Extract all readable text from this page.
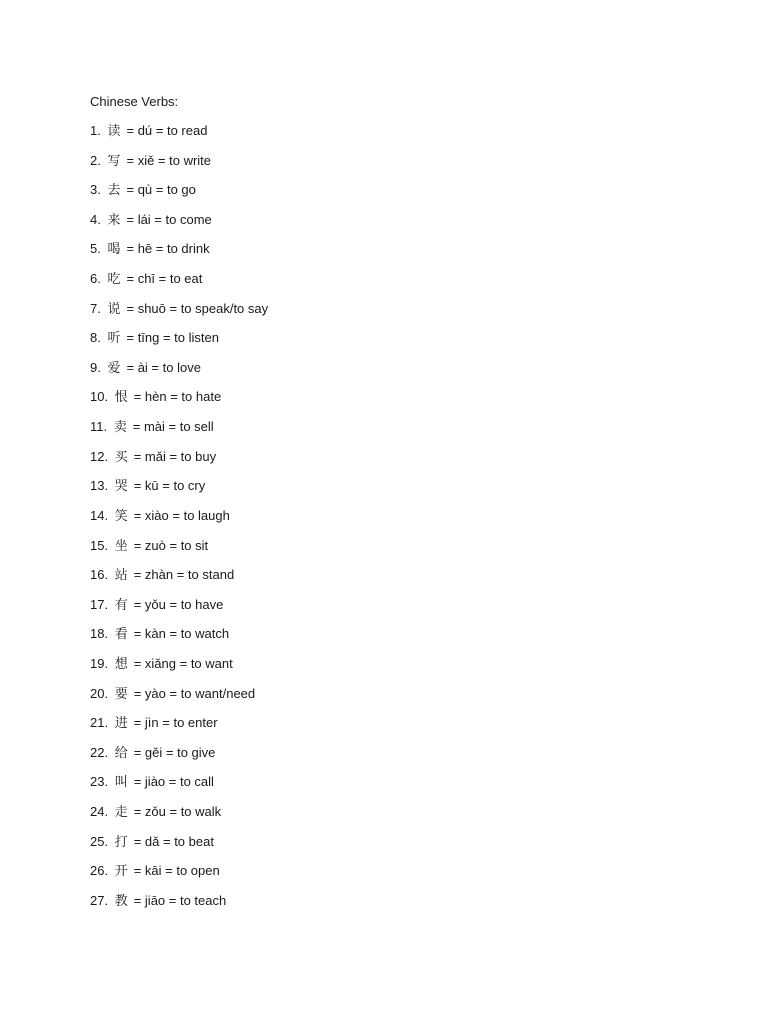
Chinese Verbs:
1. 读 = dú = to read
2. 写 = xiě = to write
3. 去 = qù = to go
4. 来 = lái = to come
5. 喝 = hē = to drink
6. 吃 = chī = to eat
7. 说 = shuō = to speak/to say
8. 听 = tīng = to listen
9. 爱 = ài = to love
10. 恨 = hèn = to hate
11. 卖 = mài = to sell
12. 买 = mǎi = to buy
13. 哭 = kū = to cry
14. 笑 = xiào = to laugh
15. 坐 = zuò = to sit
16. 站 = zhàn = to stand
17. 有 = yǒu = to have
18. 看 = kàn = to watch
19. 想 = xiǎng = to want
20. 要 = yào = to want/need
21. 进 = jìn = to enter
22. 给 = gěi = to give
23. 叫 = jiào = to call
24. 走 = zǒu = to walk
25. 打 = dǎ = to beat
26. 开 = kāi = to open
27. 教 = jiāo = to teach
